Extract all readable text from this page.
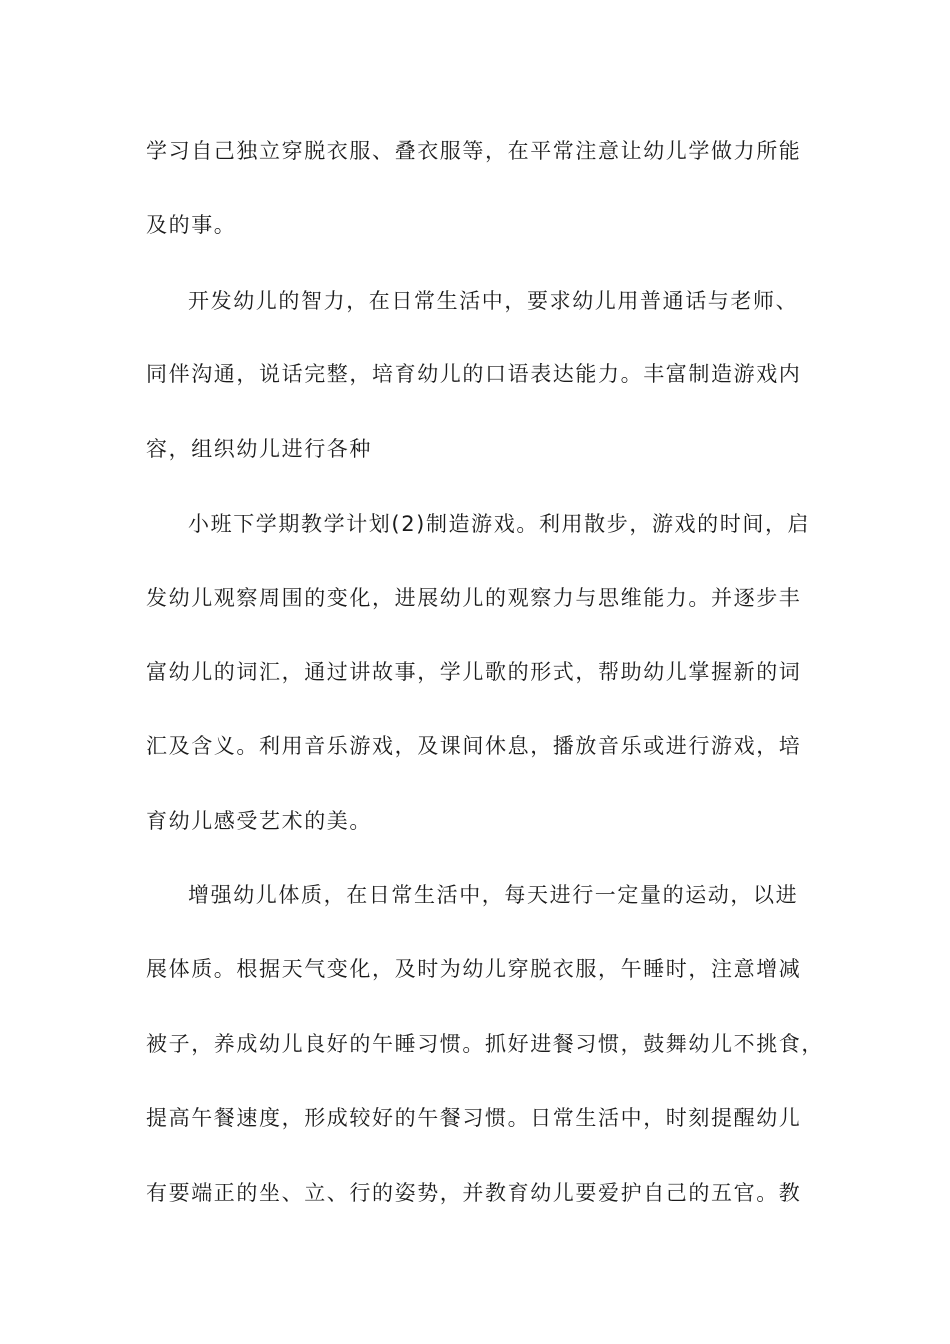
学习自己独立穿脱衣服、叠衣服等，在平常注意让幼儿学做力所能
及的事。
开发幼儿的智力，在日常生活中，要求幼儿用普通话与老师、
同伴沟通，说话完整，培育幼儿的口语表达能力。丰富制造游戏内
容，组织幼儿进行各种
小班下学期教学计划(2)制造游戏。利用散步，游戏的时间，启
发幼儿观察周围的变化，进展幼儿的观察力与思维能力。并逐步丰
富幼儿的词汇，通过讲故事，学儿歌的形式，帮助幼儿掌握新的词
汇及含义。利用音乐游戏，及课间休息，播放音乐或进行游戏，培
育幼儿感受艺术的美。
增强幼儿体质，在日常生活中，每天进行一定量的运动，以进
展体质。根据天气变化，及时为幼儿穿脱衣服，午睡时，注意增减
被子，养成幼儿良好的午睡习惯。抓好进餐习惯，鼓舞幼儿不挑食，
提高午餐速度，形成较好的午餐习惯。日常生活中，时刻提醒幼儿
有要端正的坐、立、行的姿势，并教育幼儿要爱护自己的五官。教
